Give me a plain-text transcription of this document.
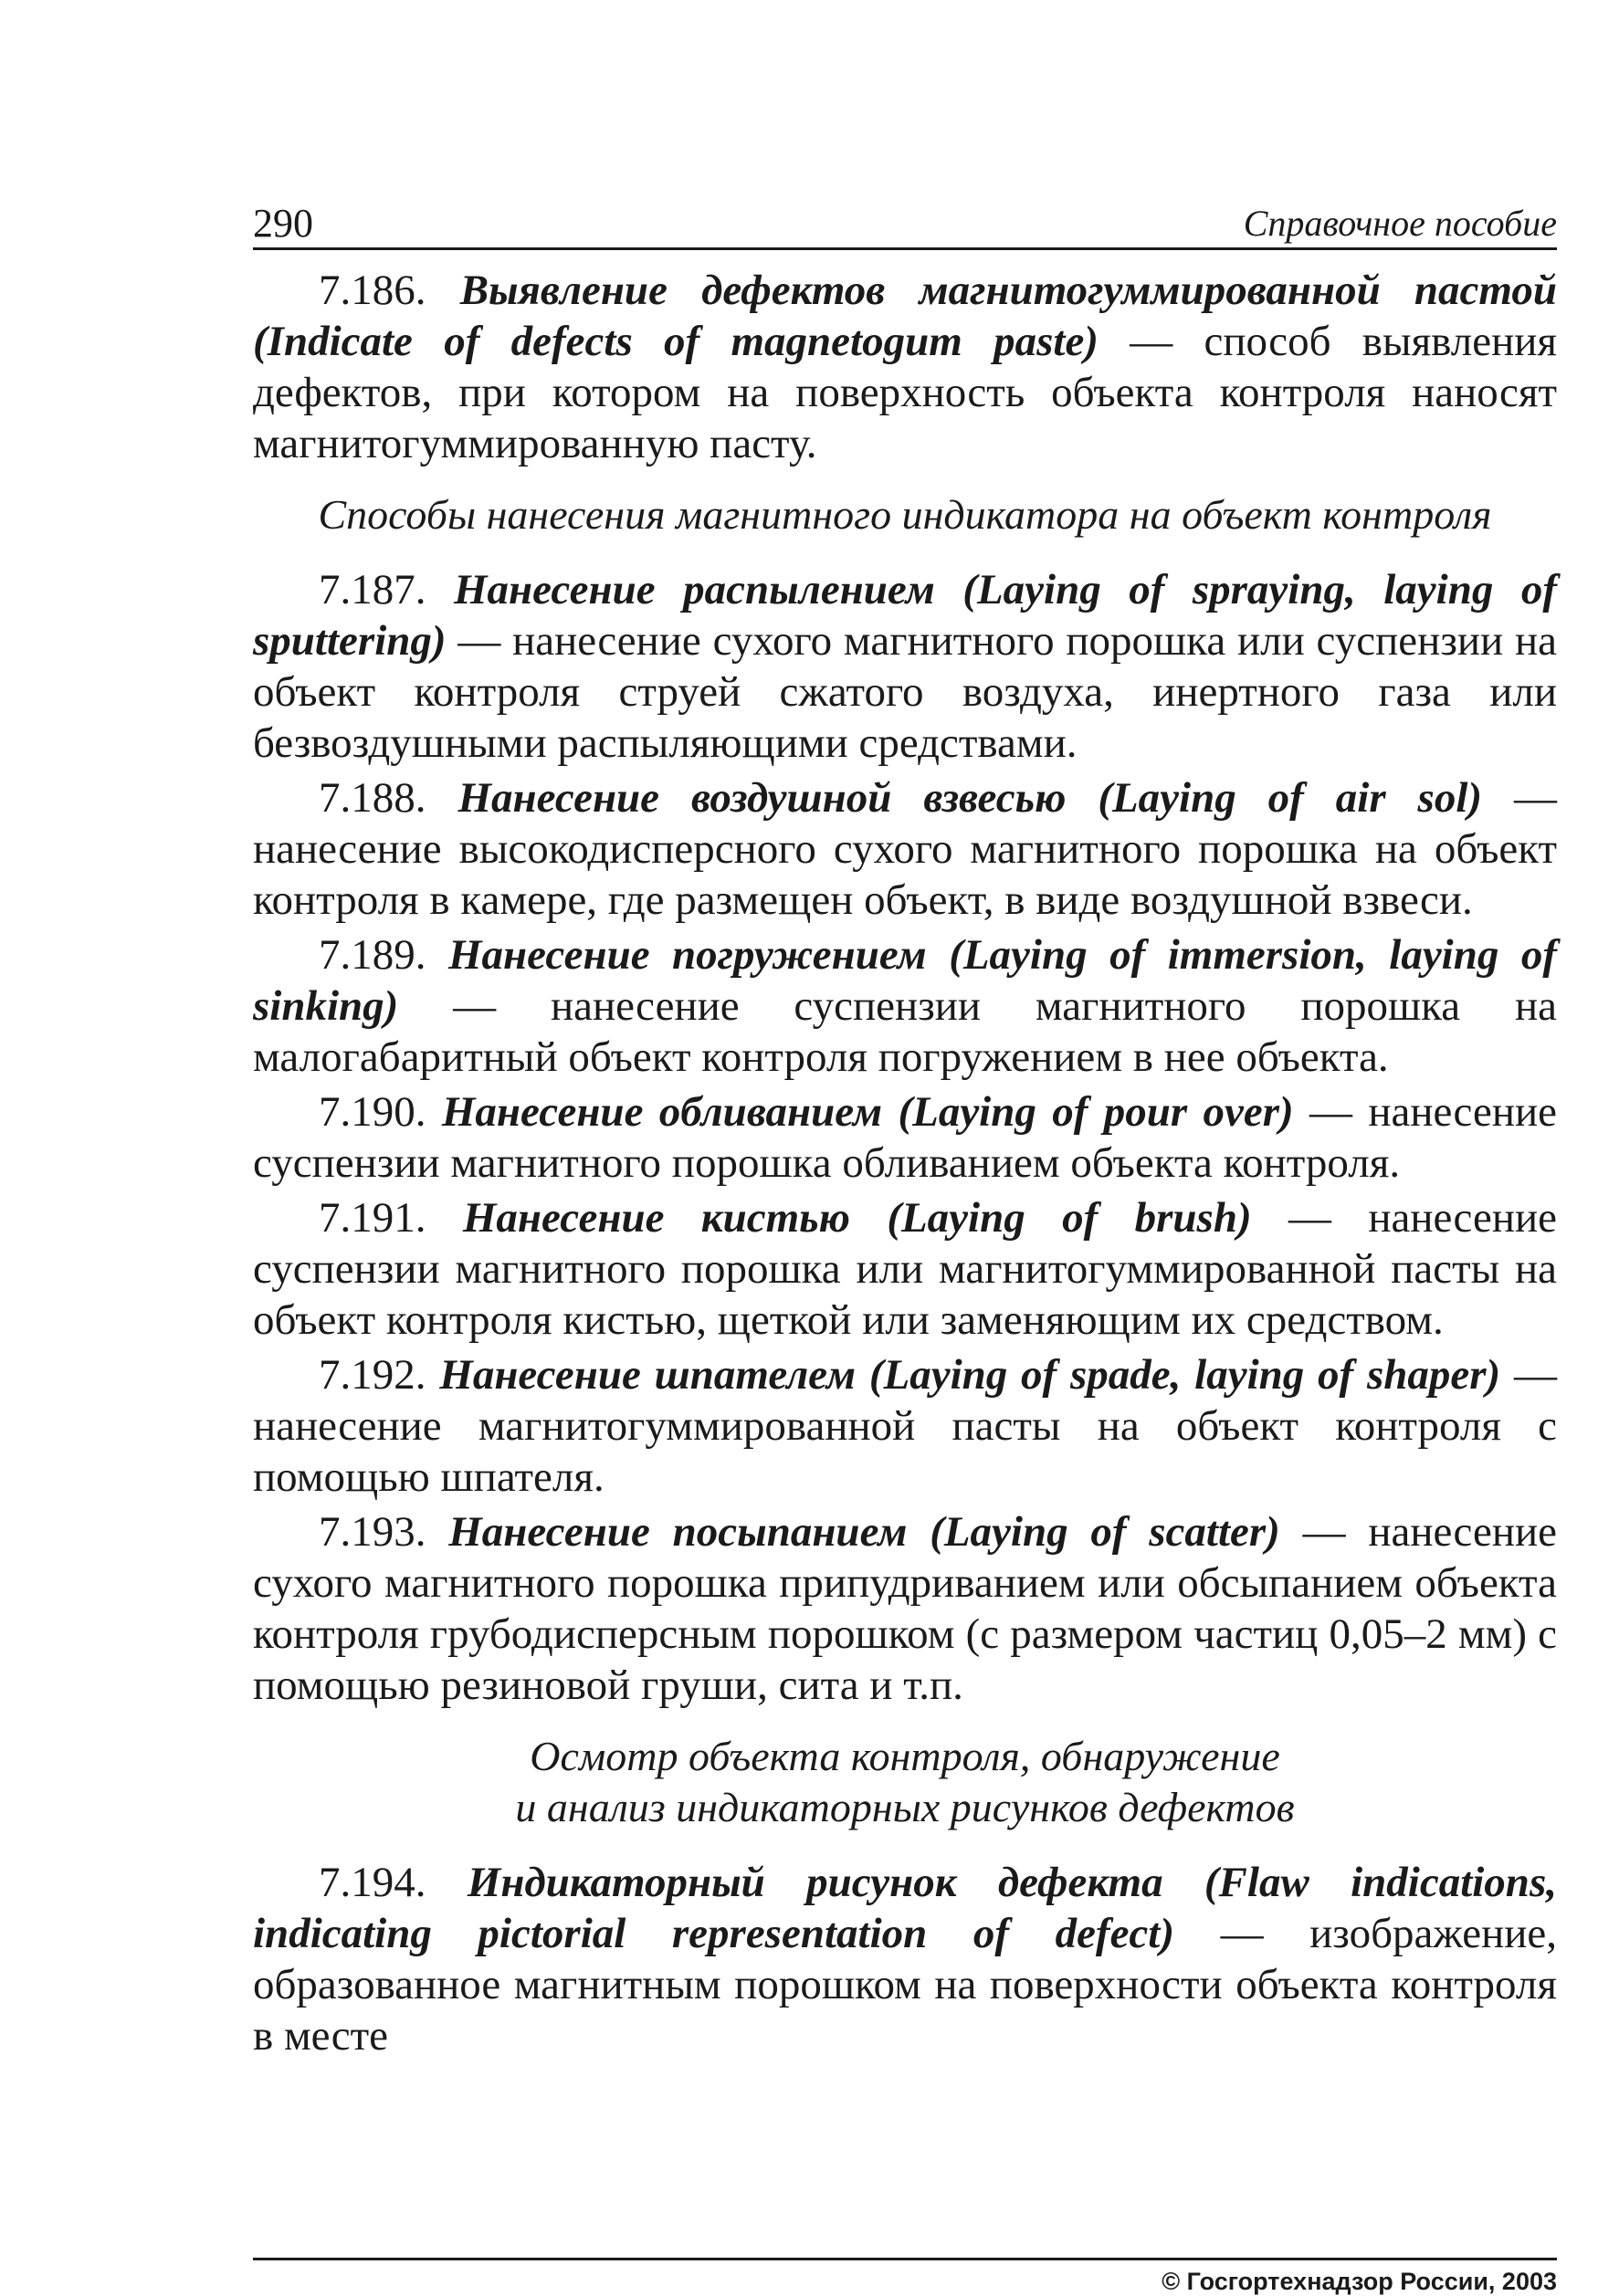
290	Справочное пособие

7.186. Выявление дефектов магнитогуммированной пастой (Indicate of defects of magnetogum paste) — способ выявления дефектов, при котором на поверхность объекта контроля наносят магнитогуммированную пасту.

Способы нанесения магнитного индикатора на объект контроля

7.187. Нанесение распылением (Laying of spraying, laying of sputtering) — нанесение сухого магнитного порошка или суспензии на объект контроля струей сжатого воздуха, инертного газа или безвоздушными распыляющими средствами.

7.188. Нанесение воздушной взвесью (Laying of air sol) — нанесение высокодисперсного сухого магнитного порошка на объект контроля в камере, где размещен объект, в виде воздушной взвеси.

7.189. Нанесение погружением (Laying of immersion, laying of sinking) — нанесение суспензии магнитного порошка на малогабаритный объект контроля погружением в нее объекта.

7.190. Нанесение обливанием (Laying of pour over) — нанесение суспензии магнитного порошка обливанием объекта контроля.

7.191. Нанесение кистью (Laying of brush) — нанесение суспензии магнитного порошка или магнитогуммированной пасты на объект контроля кистью, щеткой или заменяющим их средством.

7.192. Нанесение шпателем (Laying of spade, laying of shaper) — нанесение магнитогуммированной пасты на объект контроля с помощью шпателя.

7.193. Нанесение посыпанием (Laying of scatter) — нанесение сухого магнитного порошка припудриванием или обсыпанием объекта контроля грубодисперсным порошком (с размером частиц 0,05–2 мм) с помощью резиновой груши, сита и т.п.

Осмотр объекта контроля, обнаружение
и анализ индикаторных рисунков дефектов

7.194. Индикаторный рисунок дефекта (Flaw indications, indicating pictorial representation of defect) — изображение, образованное магнитным порошком на поверхности объекта контроля в месте

© Госгортехнадзор России, 2003
